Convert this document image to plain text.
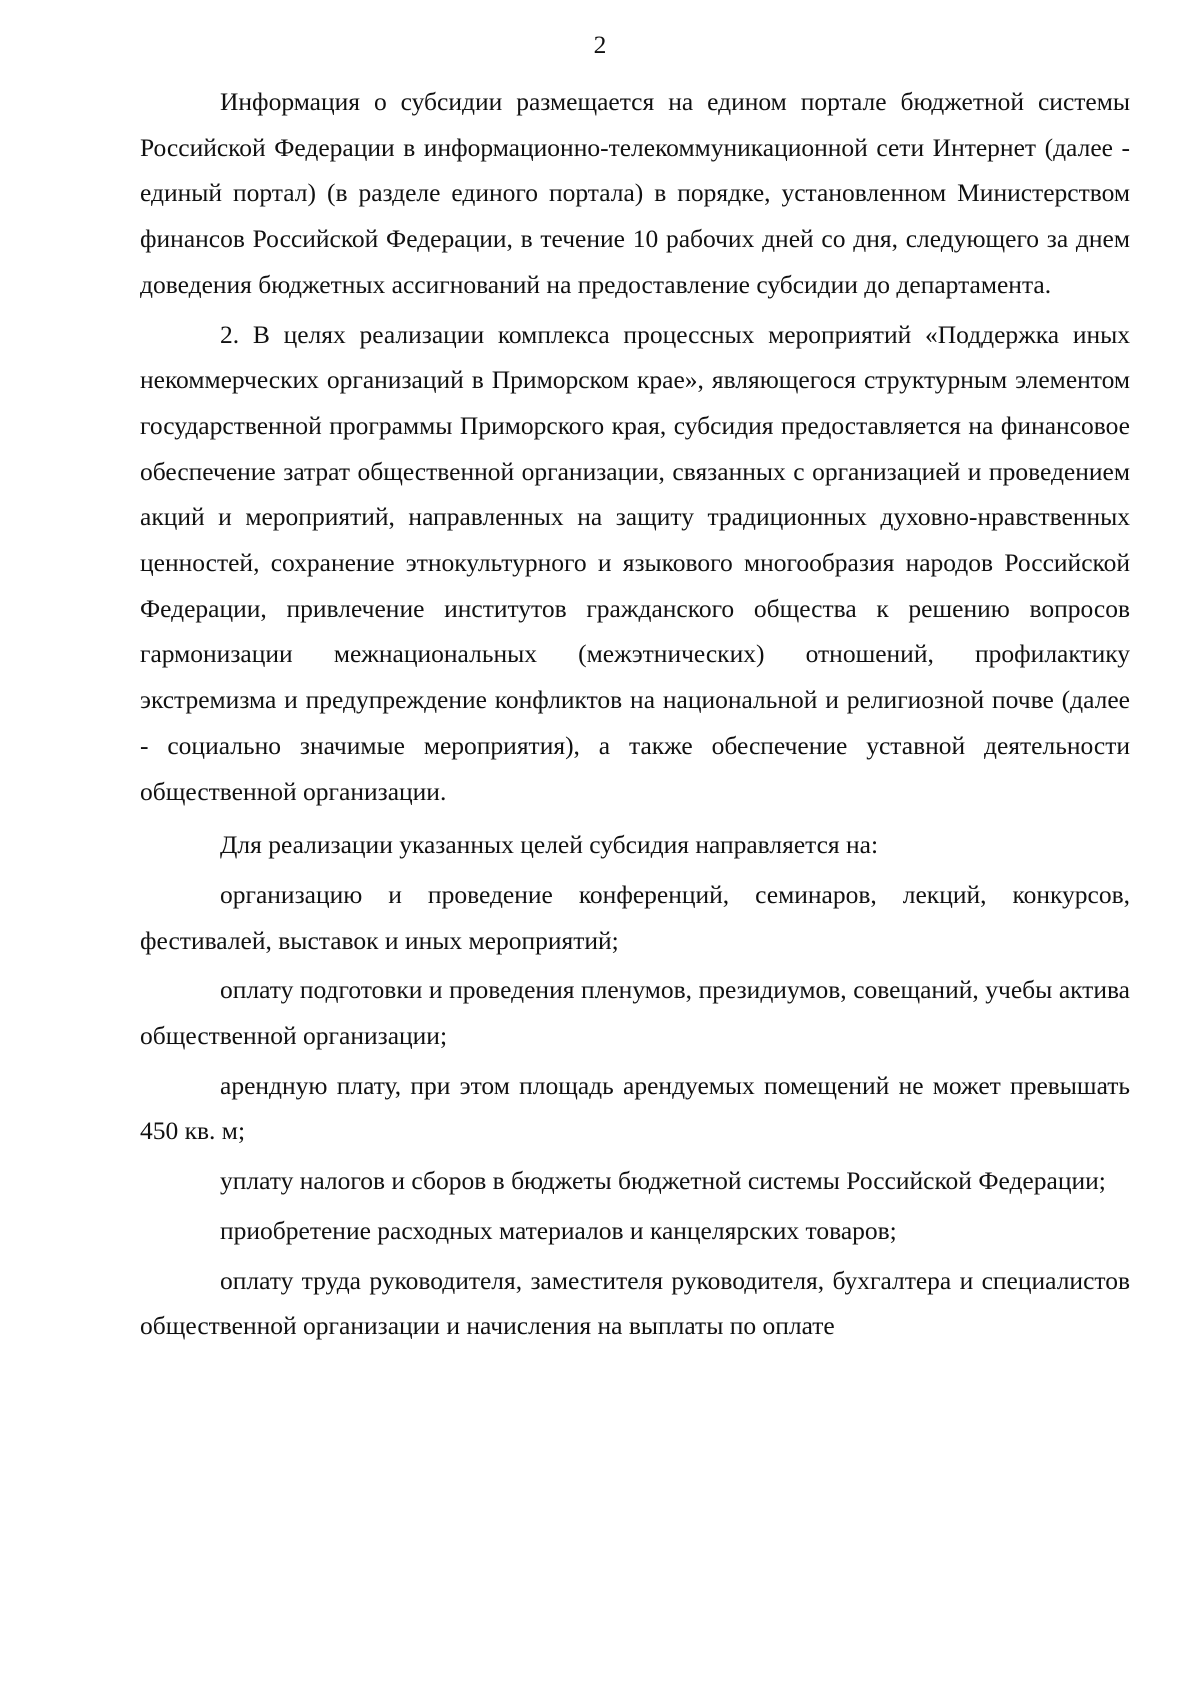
2

Информация о субсидии размещается на едином портале бюджетной системы Российской Федерации в информационно-телекоммуникационной сети Интернет (далее - единый портал) (в разделе единого портала) в порядке, установленном Министерством финансов Российской Федерации, в течение 10 рабочих дней со дня, следующего за днем доведения бюджетных ассигнований на предоставление субсидии до департамента.

2. В целях реализации комплекса процессных мероприятий «Поддержка иных некоммерческих организаций в Приморском крае», являющегося структурным элементом государственной программы Приморского края, субсидия предоставляется на финансовое обеспечение затрат общественной организации, связанных с организацией и проведением акций и мероприятий, направленных на защиту традиционных духовно-нравственных ценностей, сохранение этнокультурного и языкового многообразия народов Российской Федерации, привлечение институтов гражданского общества к решению вопросов гармонизации межнациональных (межэтнических) отношений, профилактику экстремизма и предупреждение конфликтов на национальной и религиозной почве (далее - социально значимые мероприятия), а также обеспечение уставной деятельности общественной организации.

Для реализации указанных целей субсидия направляется на:

организацию и проведение конференций, семинаров, лекций, конкурсов, фестивалей, выставок и иных мероприятий;

оплату подготовки и проведения пленумов, президиумов, совещаний, учебы актива общественной организации;

арендную плату, при этом площадь арендуемых помещений не может превышать 450 кв. м;

уплату налогов и сборов в бюджеты бюджетной системы Российской Федерации;

приобретение расходных материалов и канцелярских товаров;

оплату труда руководителя, заместителя руководителя, бухгалтера и специалистов общественной организации и начисления на выплаты по оплате
